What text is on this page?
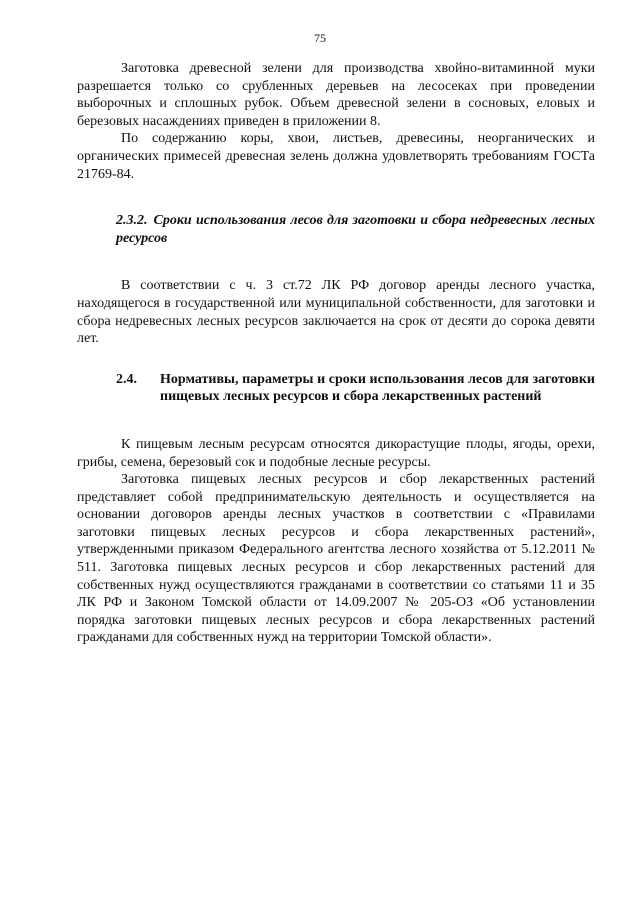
75

Заготовка древесной зелени для производства хвойно-витаминной муки разрешается только со срубленных деревьев на лесосеках при проведении выборочных и сплошных рубок. Объем древесной зелени в сосновых, еловых и березовых насаждениях приведен в приложении 8.

По содержанию коры, хвои, листьев, древесины, неорганических и органических примесей древесная зелень должна удовлетворять требованиям ГОСТа 21769-84.

2.3.2. Сроки использования лесов для заготовки и сбора недревесных лесных ресурсов

В соответствии с ч. 3 ст.72 ЛК РФ договор аренды лесного участка, находящегося в государственной или муниципальной собственности, для заготовки и сбора недревесных лесных ресурсов заключается на срок от десяти до сорока девяти лет.

2.4.	Нормативы, параметры и сроки использования лесов для заготовки пищевых лесных ресурсов и сбора лекарственных растений

К пищевым лесным ресурсам относятся дикорастущие плоды, ягоды, орехи, грибы, семена, березовый сок и подобные лесные ресурсы.

Заготовка пищевых лесных ресурсов и сбор лекарственных растений представляет собой предпринимательскую деятельность и осуществляется на основании договоров аренды лесных участков в соответствии с «Правилами заготовки пищевых лесных ресурсов и сбора лекарственных растений», утвержденными приказом Федерального агентства лесного хозяйства от 5.12.2011 № 511. Заготовка пищевых лесных ресурсов и сбор лекарственных растений для собственных нужд осуществляются гражданами в соответствии со статьями 11 и 35 ЛК РФ и Законом Томской области от 14.09.2007 № 205-ОЗ «Об установлении порядка заготовки пищевых лесных ресурсов и сбора лекарственных растений гражданами для собственных нужд на территории Томской области».
